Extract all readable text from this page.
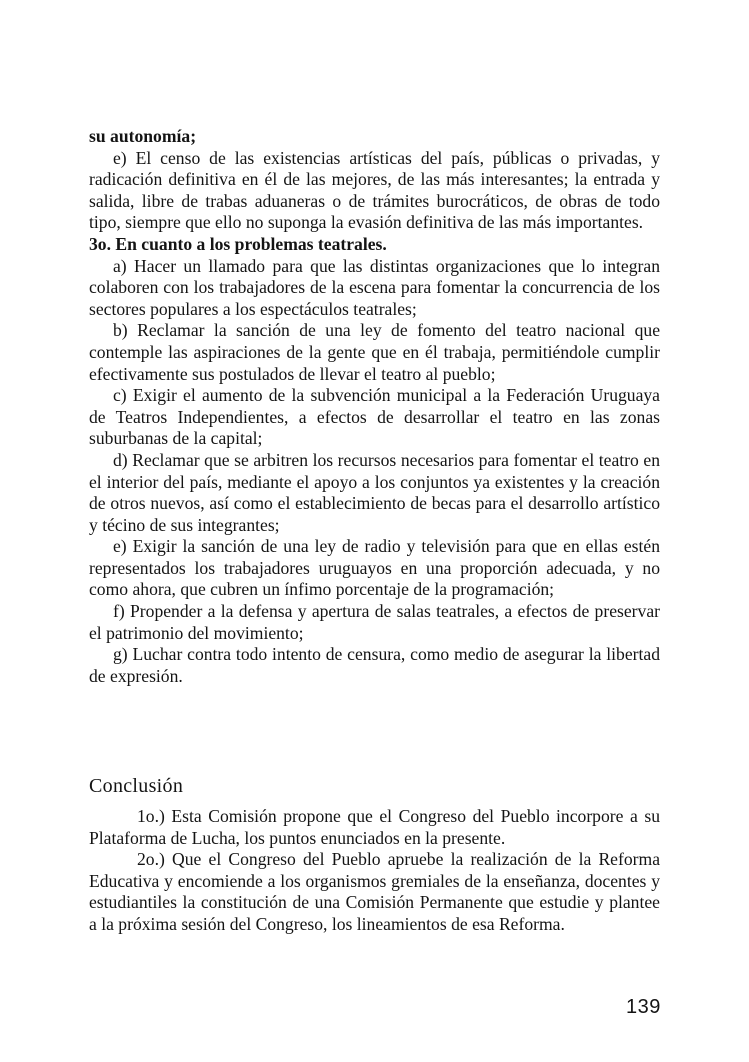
su autonomía;

e) El censo de las existencias artísticas del país, públicas o privadas, y radicación definitiva en él de las mejores, de las más interesantes; la entrada y salida, libre de trabas aduaneras o de trámites burocráticos, de obras de todo tipo, siempre que ello no suponga la evasión definitiva de las más importantes.

3o. En cuanto a los problemas teatrales.

a) Hacer un llamado para que las distintas organizaciones que lo integran colaboren con los trabajadores de la escena para fomentar la concurrencia de los sectores populares a los espectáculos teatrales;

b) Reclamar la sanción de una ley de fomento del teatro nacional que contemple las aspiraciones de la gente que en él trabaja, permitiéndole cumplir efectivamente sus postulados de llevar el teatro al pueblo;

c) Exigir el aumento de la subvención municipal a la Federación Uruguaya de Teatros Independientes, a efectos de desarrollar el teatro en las zonas suburbanas de la capital;

d) Reclamar que se arbitren los recursos necesarios para fomentar el teatro en el interior del país, mediante el apoyo a los conjuntos ya existentes y la creación de otros nuevos, así como el establecimiento de becas para el desarrollo artístico y técino de sus integrantes;

e) Exigir la sanción de una ley de radio y televisión para que en ellas estén representados los trabajadores uruguayos en una proporción adecuada, y no como ahora, que cubren un ínfimo porcentaje de la programación;

f) Propender a la defensa y apertura de salas teatrales, a efectos de preservar el patrimonio del movimiento;

g) Luchar contra todo intento de censura, como medio de asegurar la libertad de expresión.

Conclusión

1o.) Esta Comisión propone que el Congreso del Pueblo incorpore a su Plataforma de Lucha, los puntos enunciados en la presente.

2o.) Que el Congreso del Pueblo apruebe la realización de la Reforma Educativa y encomiende a los organismos gremiales de la enseñanza, docentes y estudiantiles la constitución de una Comisión Permanente que estudie y plantee a la próxima sesión del Congreso, los lineamientos de esa Reforma.

139
